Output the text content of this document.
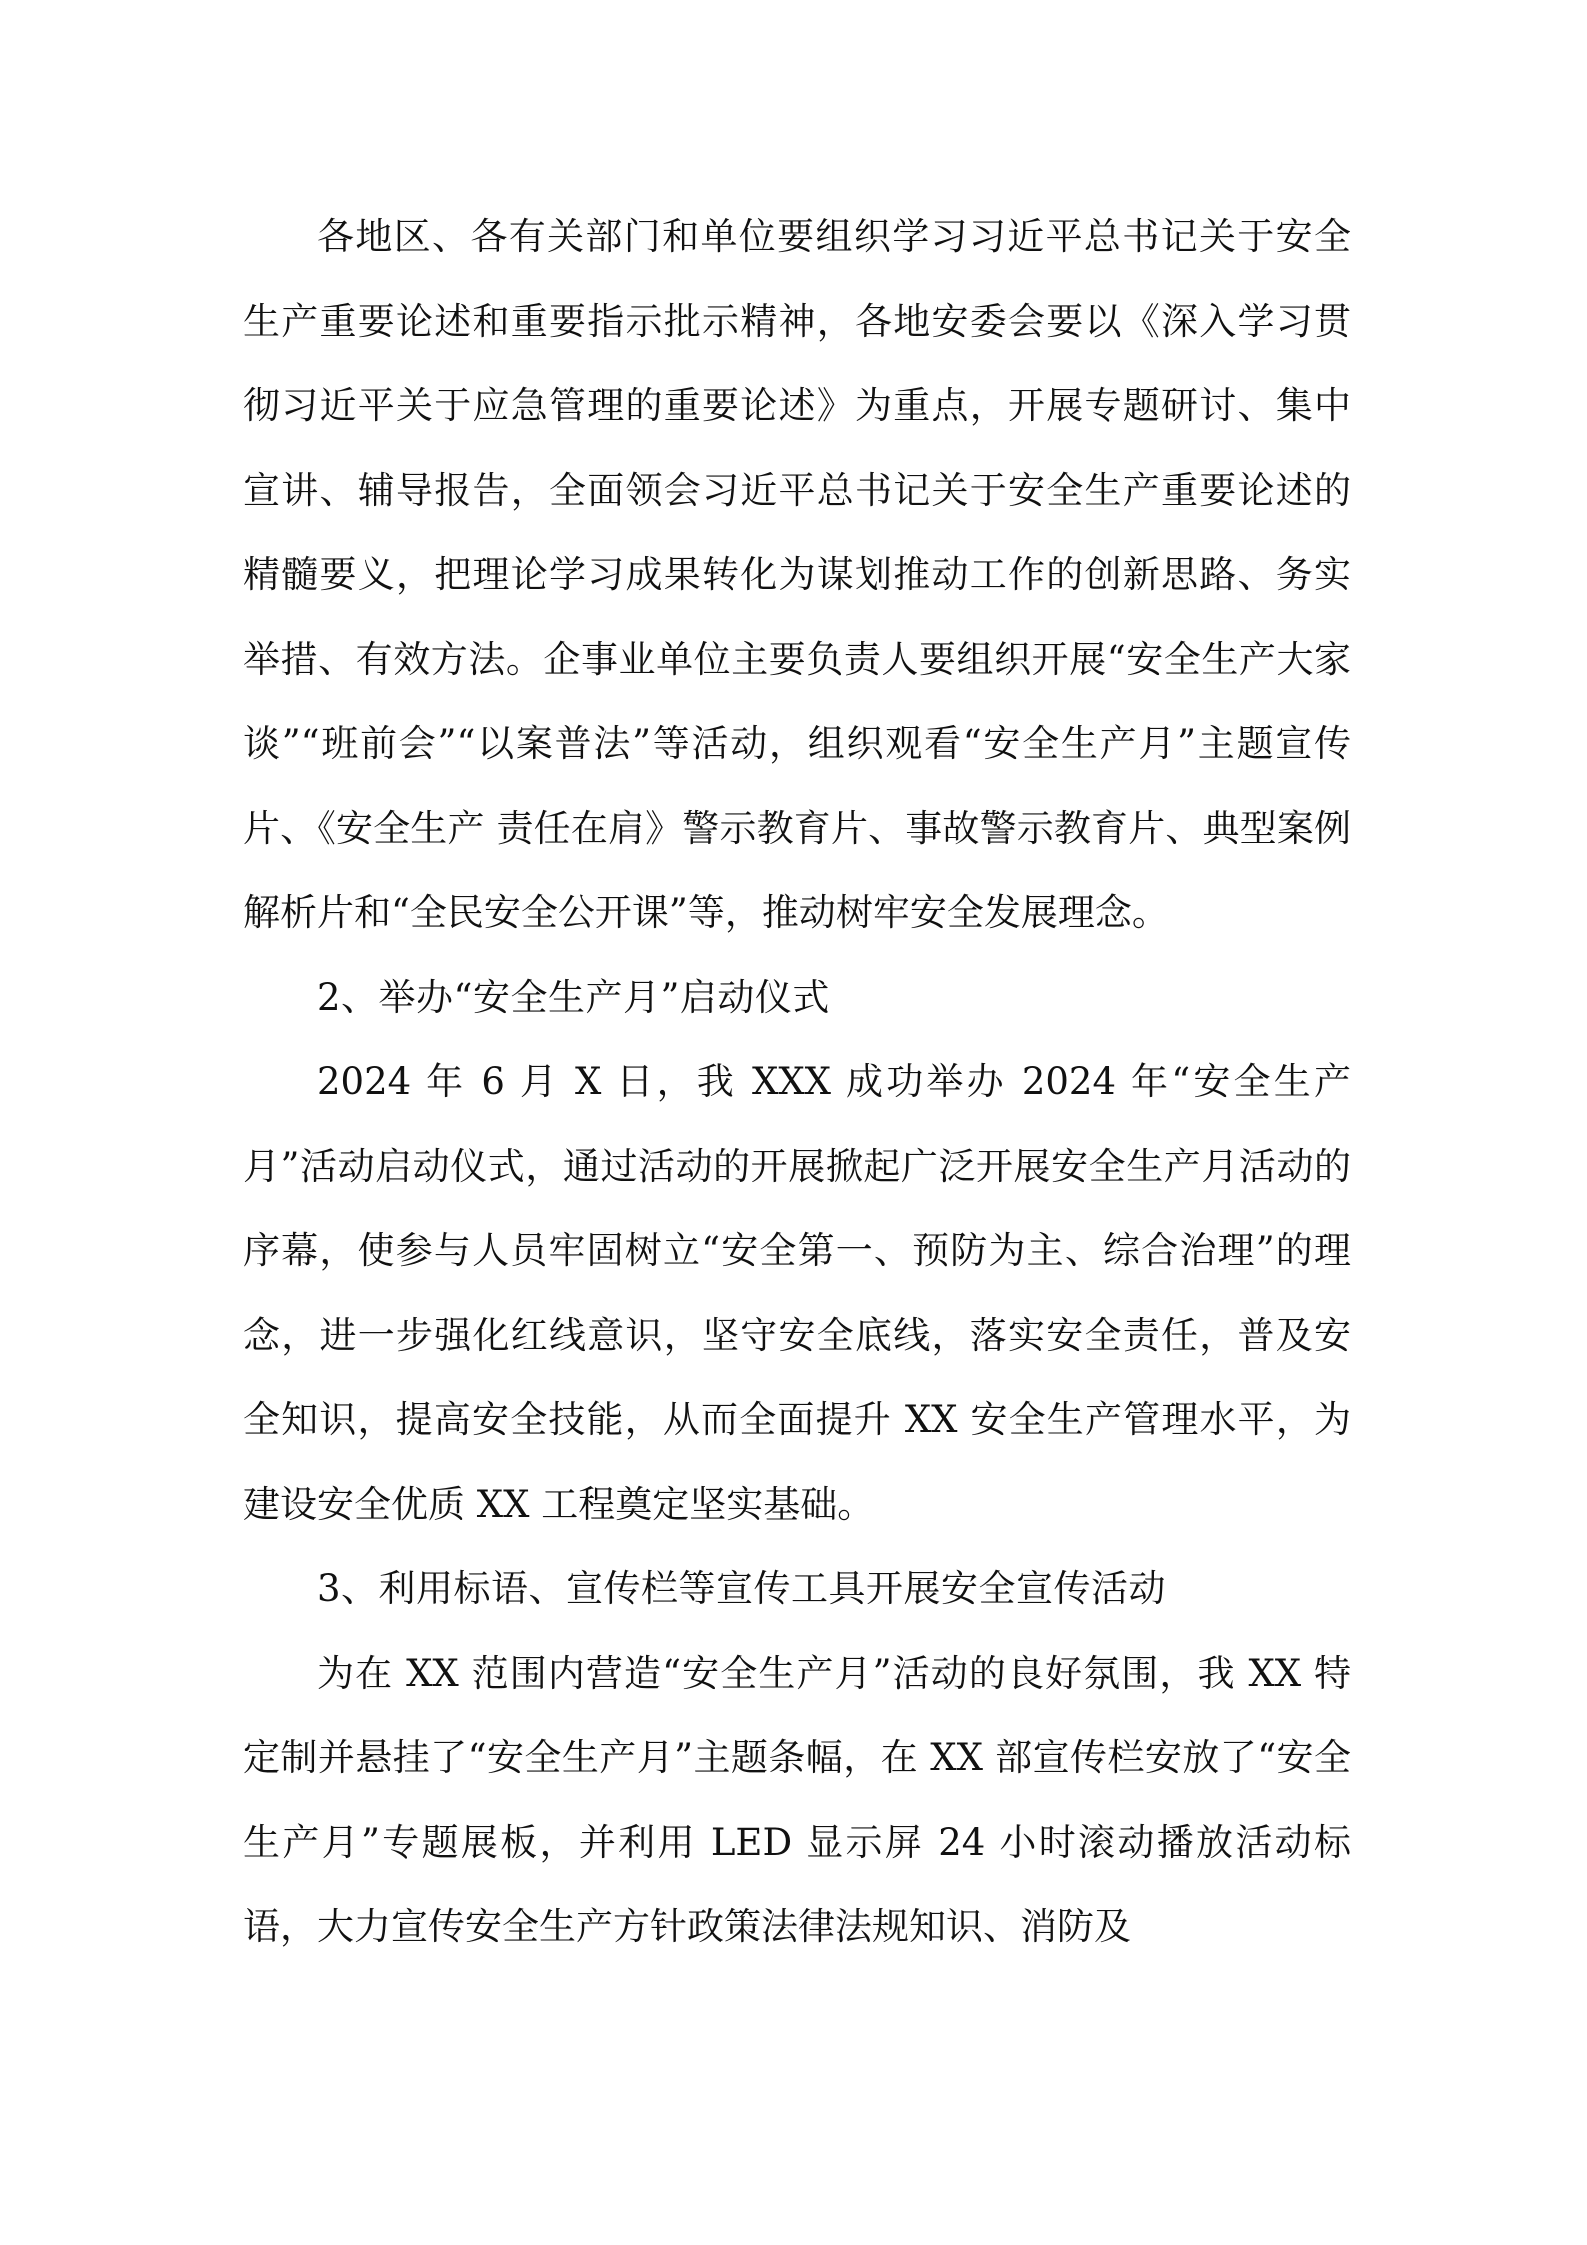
各地区、各有关部门和单位要组织学习习近平总书记关于安全生产重要论述和重要指示批示精神，各地安委会要以《深入学习贯彻习近平关于应急管理的重要论述》为重点，开展专题研讨、集中宣讲、辅导报告，全面领会习近平总书记关于安全生产重要论述的精髓要义，把理论学习成果转化为谋划推动工作的创新思路、务实举措、有效方法。企事业单位主要负责人要组织开展“安全生产大家谈”“班前会”“以案普法”等活动，组织观看“安全生产月”主题宣传片、《安全生产 责任在肩》警示教育片、事故警示教育片、典型案例解析片和“全民安全公开课”等，推动树牢安全发展理念。

2、举办“安全生产月”启动仪式

2024 年 6 月 X 日，我 XXX 成功举办 2024 年“安全生产月”活动启动仪式，通过活动的开展掀起广泛开展安全生产月活动的序幕，使参与人员牢固树立“安全第一、预防为主、综合治理”的理念，进一步强化红线意识，坚守安全底线，落实安全责任，普及安全知识，提高安全技能，从而全面提升 XX 安全生产管理水平，为建设安全优质 XX 工程奠定坚实基础。

3、利用标语、宣传栏等宣传工具开展安全宣传活动

为在 XX 范围内营造“安全生产月”活动的良好氛围，我 XX 特定制并悬挂了“安全生产月”主题条幅，在 XX 部宣传栏安放了“安全生产月”专题展板，并利用 LED 显示屏 24 小时滚动播放活动标语，大力宣传安全生产方针政策法律法规知识、消防及
